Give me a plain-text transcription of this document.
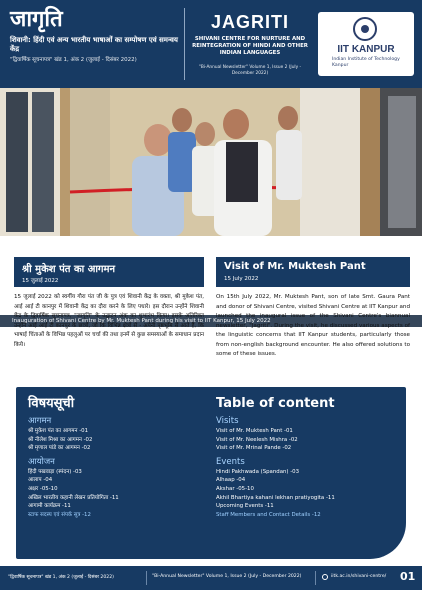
जागृति
शिवानी: हिंदी एवं अन्य भारतीय भाषाओं का सम्पोषण एवं समन्वय केंद्र
"द्विवार्षिक सूचनापत्र" खंड 1, अंक 2 (जुलाई - दिसंबर 2022)
JAGRITI
SHIVANI CENTRE FOR NURTURE AND REINTEGRATION OF HINDI AND OTHER INDIAN LANGUAGES
"Bi-Annual Newsletter" Volume 1, Issue 2 (July - December 2022)
IIT KANPUR
Indian Institute of Technology Kanpur
Inauguration of Shivani Centre by Mr. Muktesh Pant during his visit to IIT Kanpur, 15 July 2022
श्री मुकेश पंत का आगमन
15 जुलाई 2022
15 जुलाई 2022 को स्वर्गीय गौरा पंत जी के पुत्र एवं शिवानी केंद्र के वक्ता, श्री मुकेश पंत, आई आई टी कानपुर में शिवानी केंद्र का दौरा करने के लिए पधारे। इस दौरान उन्होंने शिवानी केंद्र के द्विवार्षिक सूचनापत्र, "जागृति" के उद्घाटन अंक का शुभारंभ किया। इसके अतिरिक्त उन्होंने आई आई टी कानपुर के छात्रों, जो कि विभिन्न क्षेत्रों से - अपेनी पृष्ठभूमि से आते हैं, कि भाषाई चिंताओं के विभिन्न पहलुओं पर चर्चा की तथा इनमें से कुछ समस्याओं के समाधान प्रदान किये।
Visit of Mr. Muktesh Pant
15 July 2022
On 15th July 2022, Mr. Muktesh Pant, son of late Smt. Gaura Pant and donor of Shivani Centre, visited Shivani Centre at IIT Kanpur and launched the inaugural issue of the Shivani Centre's biannual newsletter, "Jagriti". During the visit, he discussed various aspects of the linguistic concerns that IIT Kanpur students, particularly those from non-english background encounter. He also offered solutions to some of these issues.
विषयसूची
आगमन
श्री मुकेश पंत का आगमन -01
श्री नीलेश मिश्रा का आगमन -02
श्री मृणाल पांडे का आगमन -02
आयोजन
हिंदी पखवाड़ा (स्पंदन) -03
आलाप -04
अक्षर -05-10
अखिल भारतीय कहानी लेखन प्रतियोगिता -11
आगामी कार्यक्रम -11
स्टाफ सदस्य एवं संपर्क सूत्र -12
Table of content
Visits
Visit of Mr. Muktesh Pant -01
Visit of Mr. Neelesh Mishra -02
Visit of Mr. Mrinal Pande -02
Events
Hindi Pakhwada (Spandan) -03
Alhaap -04
Akshar -05-10
Akhil Bhartiya kahani lekhan pratiyogita -11
Upcoming Events -11
Staff Members and Contact Details -12
"द्विवार्षिक सूचनापत्र" खंड 1, अंक 2 (जुलाई - दिसंबर 2022)	"Bi-Annual Newsletter" Volume 1, Issue 2 (July - December 2022)	iitk.ac.in/shivani-centre/ 01
